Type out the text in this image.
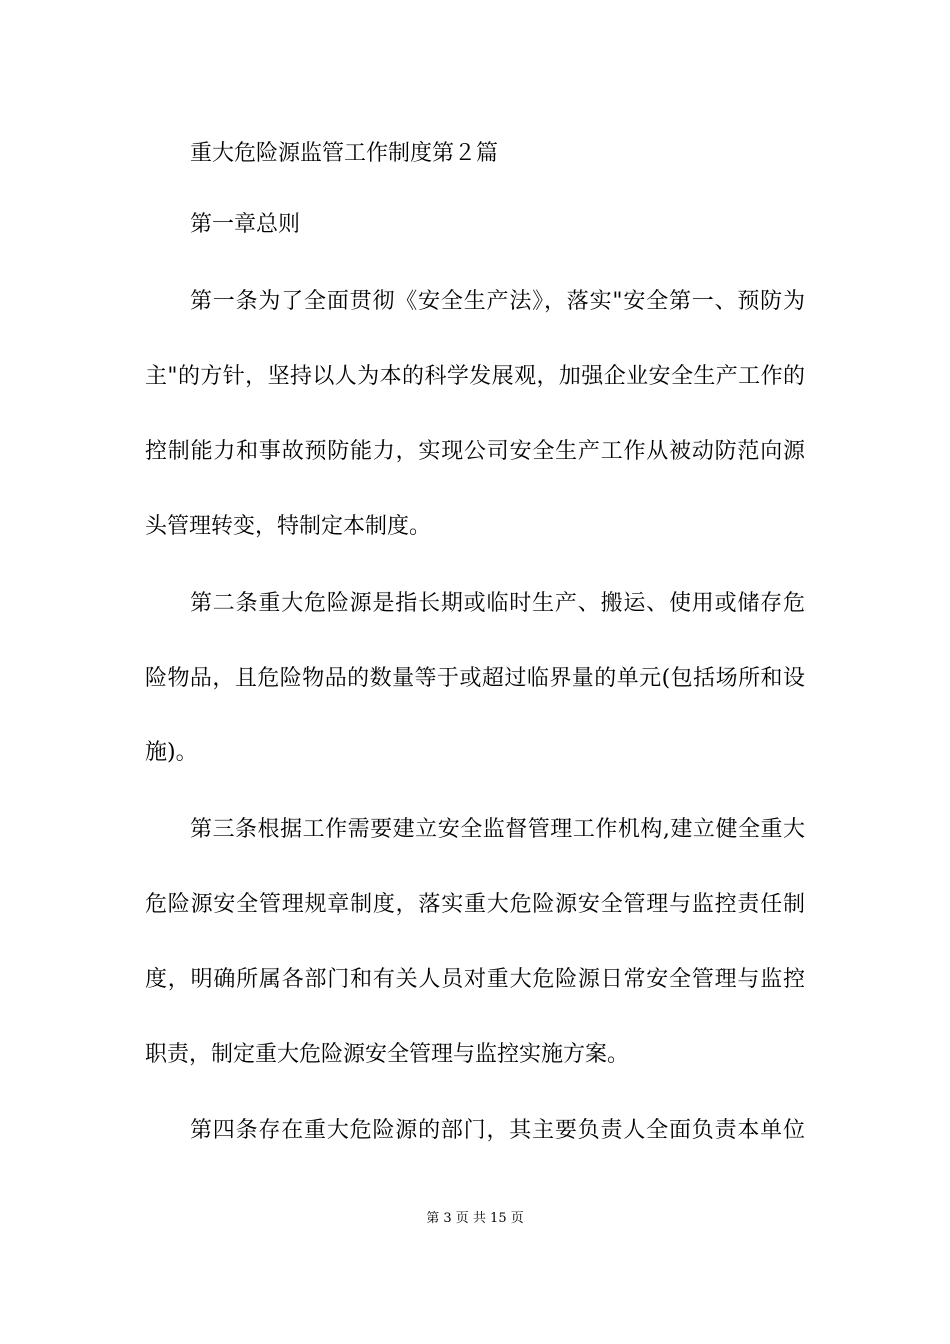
重大危险源监管工作制度第２篇
第一章总则
第一条为了全面贯彻《安全生产法》，落实"安全第一、预防为
主"的方针，坚持以人为本的科学发展观，加强企业安全生产工作的
控制能力和事故预防能力，实现公司安全生产工作从被动防范向源
头管理转变，特制定本制度。
第二条重大危险源是指长期或临时生产、搬运、使用或储存危
险物品，且危险物品的数量等于或超过临界量的单元(包括场所和设
施)。
第三条根据工作需要建立安全监督管理工作机构,建立健全重大
危险源安全管理规章制度，落实重大危险源安全管理与监控责任制
度，明确所属各部门和有关人员对重大危险源日常安全管理与监控
职责，制定重大危险源安全管理与监控实施方案。
第四条存在重大危险源的部门，其主要负责人全面负责本单位
第 3 页 共 15 页
